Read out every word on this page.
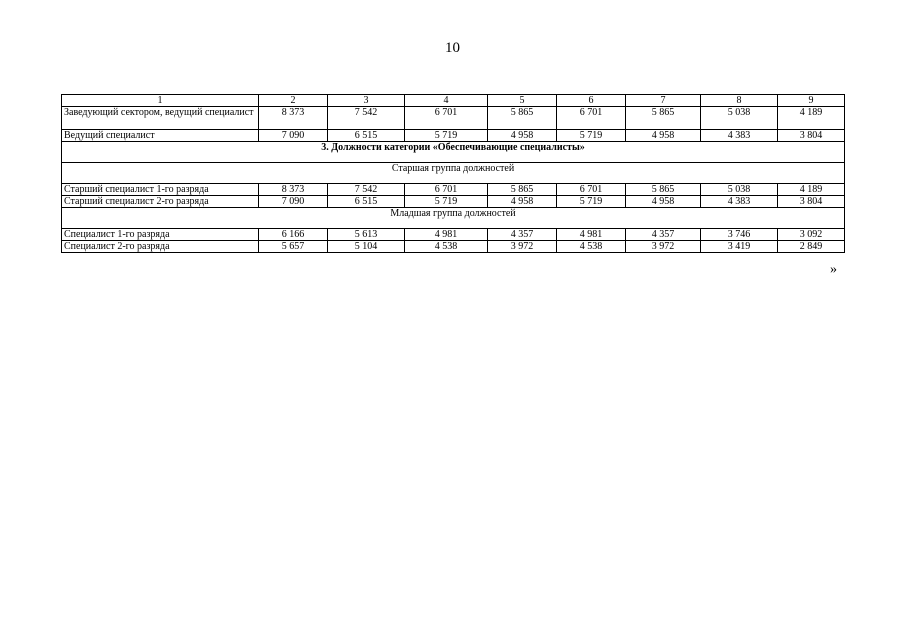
10
1	2	3	4	5	6	7	8	9
Заведующий сектором, ведущий специалист	8 373	7 542	6 701	5 865	6 701	5 865	5 038	4 189
Ведущий специалист	7 090	6 515	5 719	4 958	5 719	4 958	4 383	3 804
3. Должности категории «Обеспечивающие специалисты»								
Старшая группа должностей								
Старший специалист 1-го разряда	8 373	7 542	6 701	5 865	6 701	5 865	5 038	4 189
Старший специалист 2-го разряда	7 090	6 515	5 719	4 958	5 719	4 958	4 383	3 804
Младшая группа должностей								
Специалист 1-го разряда	6 166	5 613	4 981	4 357	4 981	4 357	3 746	3 092
Специалист 2-го разряда	5 657	5 104	4 538	3 972	4 538	3 972	3 419	2 849
»
